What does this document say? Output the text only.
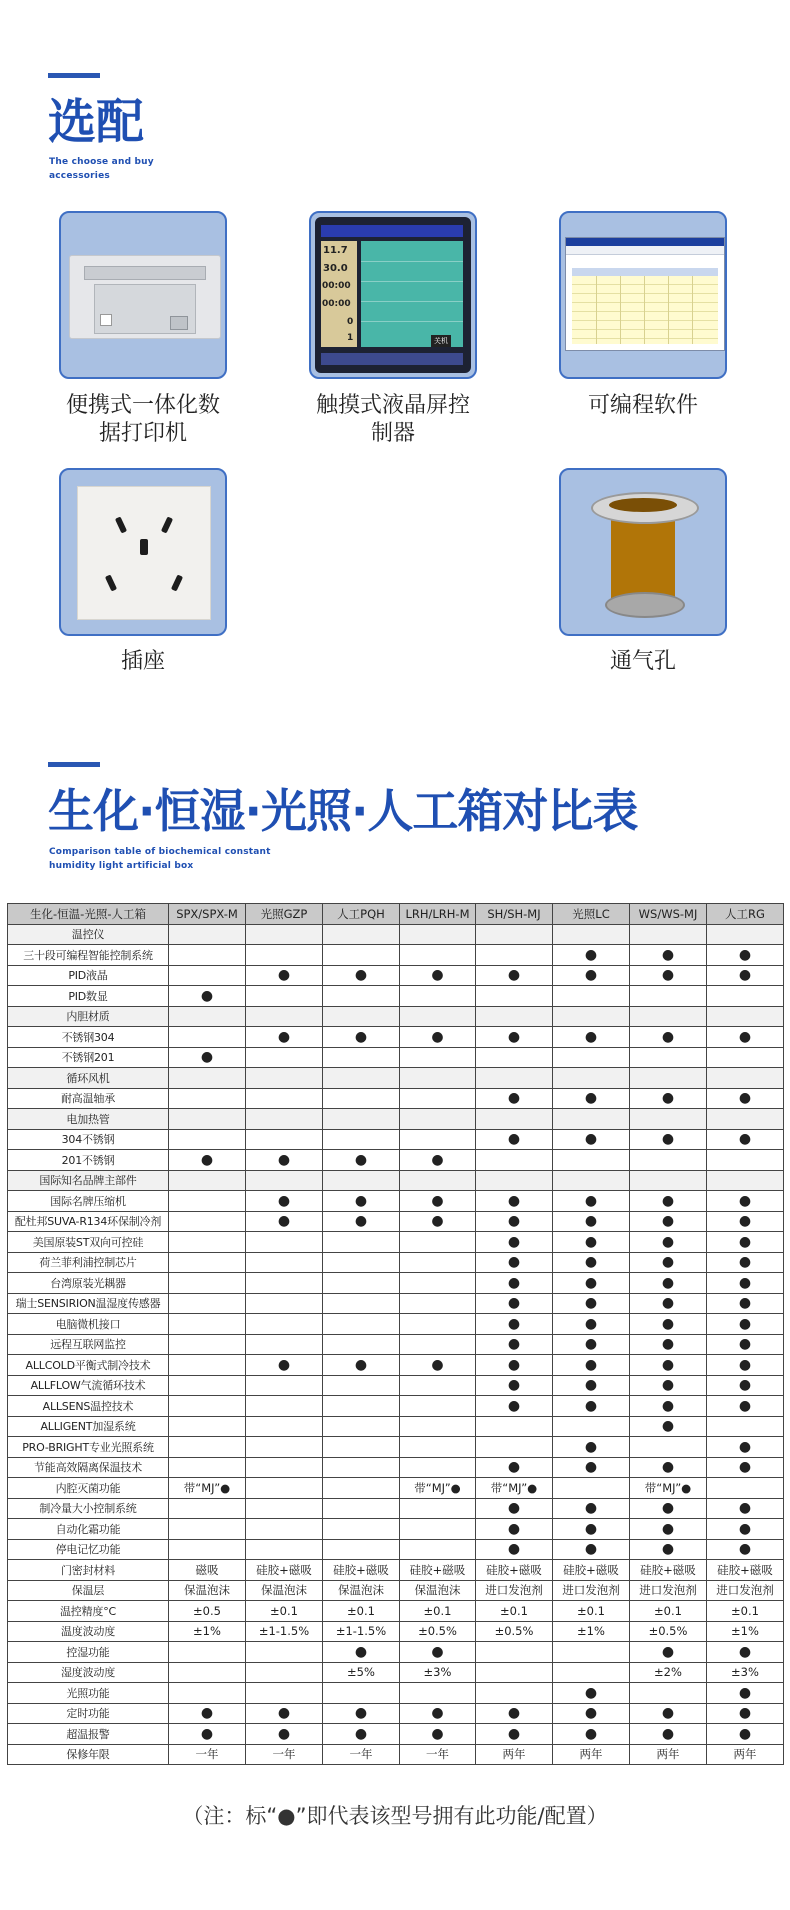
选配
The choose and buy
accessories
便携式一体化数
据打印机
11.7
30.0
00:00
00:00
0
1	关机
触摸式液晶屏控
制器
可编程软件
插座	通气孔
生化·恒湿·光照·人工箱对比表
Comparison table of biochemical constant
humidity light artificial box
生化-恒温-光照-人工箱	SPX/SPX-M	光照GZP	人工PQH	LRH/LRH-M	SH/SH-MJ	光照LC	WS/WS-MJ	人工RG
温控仪								
三十段可编程智能控制系统						●	●	●
PID液晶		●	●	●	●	●	●	●
PID数显	●							
内胆材质								
不锈钢304		●	●	●	●	●	●	●
不锈钢201	●							
循环风机								
耐高温轴承					●	●	●	●
电加热管								
304不锈钢					●	●	●	●
201不锈钢	●	●	●	●				
国际知名品牌主部件								
国际名牌压缩机		●	●	●	●	●	●	●
配杜邦SUVA-R134环保制冷剂		●	●	●	●	●	●	●
美国原装ST双向可控硅					●	●	●	●
荷兰菲利浦控制芯片					●	●	●	●
台湾原装光耦器					●	●	●	●
瑞士SENSIRION温湿度传感器					●	●	●	●
电脑微机接口					●	●	●	●
远程互联网监控					●	●	●	●
ALLCOLD平衡式制冷技术		●	●	●	●	●	●	●
ALLFLOW气流循环技术					●	●	●	●
ALLSENS温控技术					●	●	●	●
ALLIGENT加湿系统							●	
PRO-BRIGHT专业光照系统						●		●
节能高效隔离保温技术					●	●	●	●
内腔灭菌功能	带“MJ”●			带“MJ”●	带“MJ”●		带“MJ”●	
制冷量大小控制系统					●	●	●	●
自动化霜功能					●	●	●	●
停电记忆功能					●	●	●	●
门密封材料	磁吸	硅胶+磁吸	硅胶+磁吸	硅胶+磁吸	硅胶+磁吸	硅胶+磁吸	硅胶+磁吸	硅胶+磁吸
保温层	保温泡沫	保温泡沫	保温泡沫	保温泡沫	进口发泡剂	进口发泡剂	进口发泡剂	进口发泡剂
温控精度°C	±0.5	±0.1	±0.1	±0.1	±0.1	±0.1	±0.1	±0.1
温度波动度	±1%	±1-1.5%	±1-1.5%	±0.5%	±0.5%	±1%	±0.5%	±1%
控湿功能			●	●			●	●
湿度波动度			±5%	±3%			±2%	±3%
光照功能						●		●
定时功能	●	●	●	●	●	●	●	●
超温报警	●	●	●	●	●	●	●	●
保修年限	一年	一年	一年	一年	两年	两年	两年	两年
（注：标“●”即代表该型号拥有此功能/配置）
